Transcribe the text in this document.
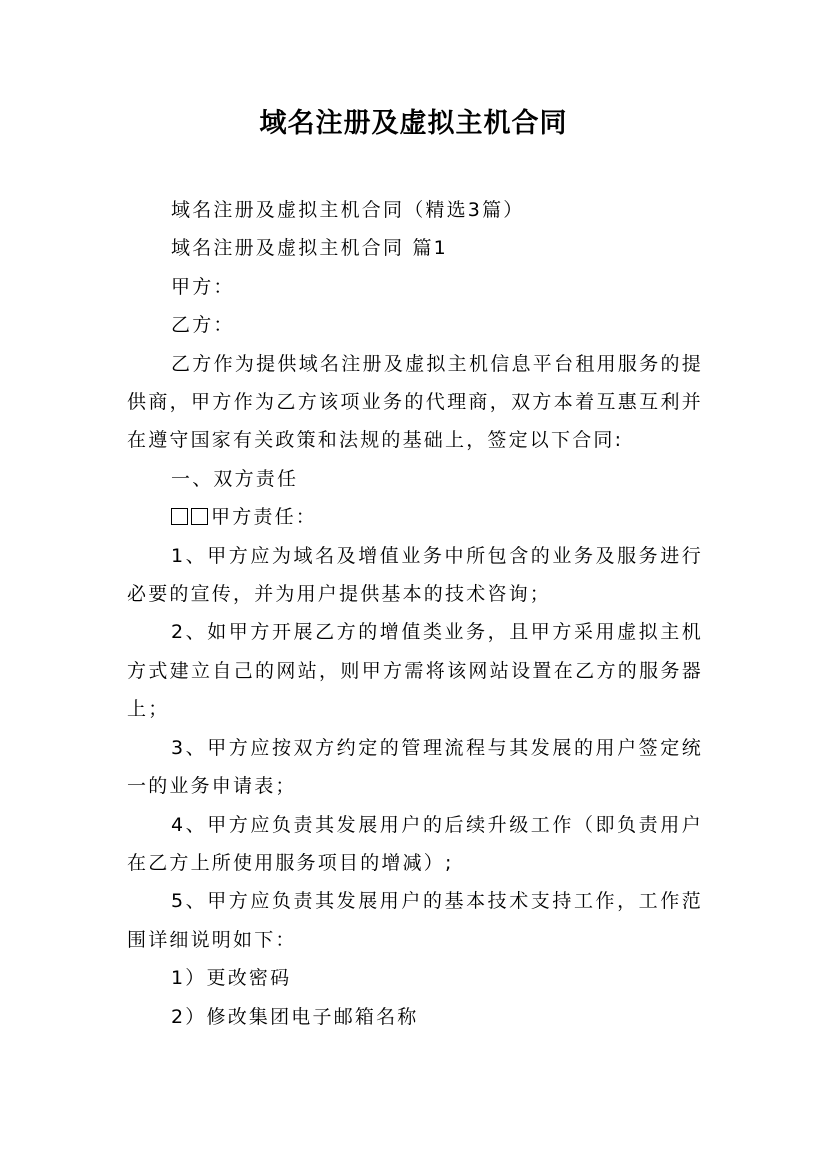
域名注册及虚拟主机合同

域名注册及虚拟主机合同（精选3篇）

域名注册及虚拟主机合同 篇1

甲方：

乙方：

乙方作为提供域名注册及虚拟主机信息平台租用服务的提供商，甲方作为乙方该项业务的代理商，双方本着互惠互利并在遵守国家有关政策和法规的基础上，签定以下合同:

一、双方责任

甲方责任：

1、甲方应为域名及增值业务中所包含的业务及服务进行必要的宣传，并为用户提供基本的技术咨询；

2、如甲方开展乙方的增值类业务，且甲方采用虚拟主机方式建立自己的网站，则甲方需将该网站设置在乙方的服务器上；

3、甲方应按双方约定的管理流程与其发展的用户签定统一的业务申请表；

4、甲方应负责其发展用户的后续升级工作（即负责用户在乙方上所使用服务项目的增减）;

5、甲方应负责其发展用户的基本技术支持工作，工作范围详细说明如下：

1）更改密码

2）修改集团电子邮箱名称
